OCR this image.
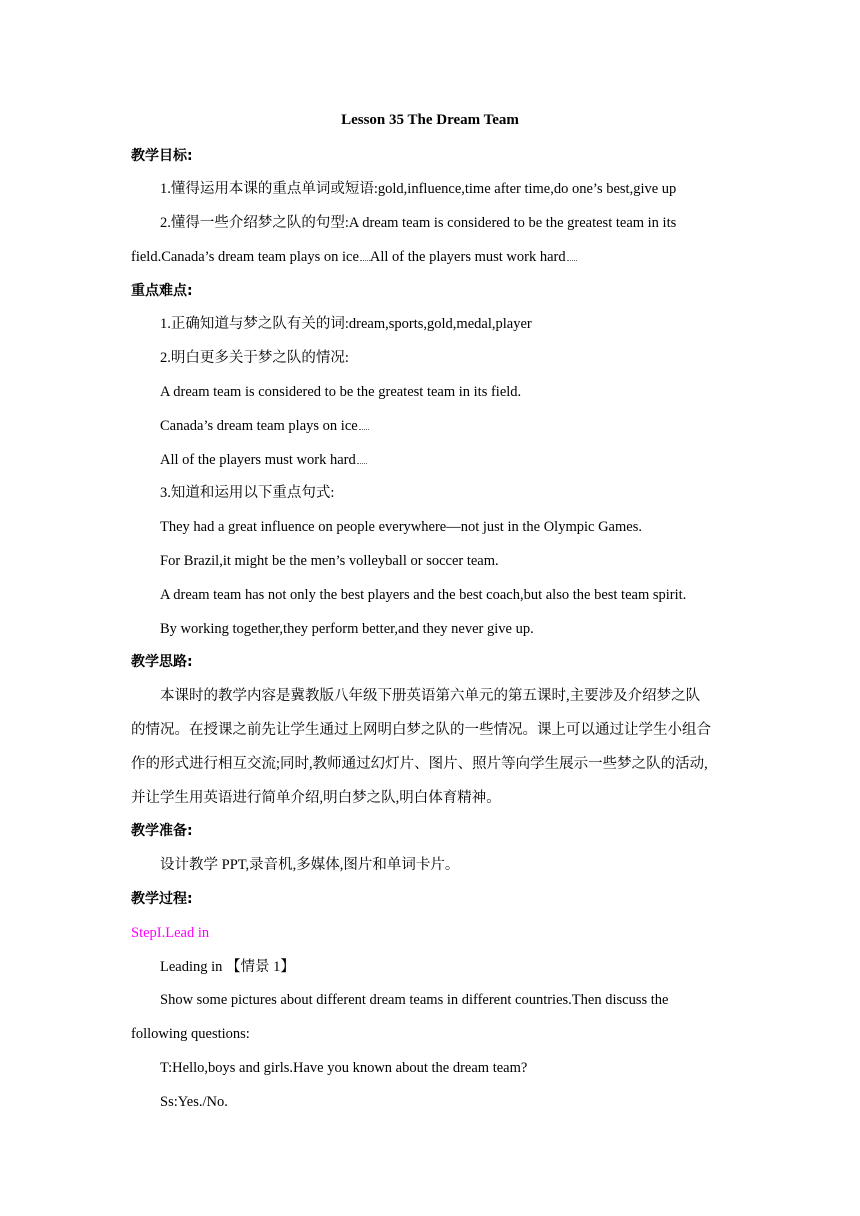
Lesson 35 The Dream Team
教学目标:
1.懂得运用本课的重点单词或短语:gold,influence,time after time,do one’s best,give up
2.懂得一些介绍梦之队的句型:A dream team is considered to be the greatest team in its
field.Canada’s dream team plays on ice All of the players must work hard
重点难点:
1.正确知道与梦之队有关的词:dream,sports,gold,medal,player
2.明白更多关于梦之队的情况:
A dream team is considered to be the greatest team in its field.
Canada’s dream team plays on ice
All of the players must work hard
3.知道和运用以下重点句式:
They had a great influence on people everywhere—not just in the Olympic Games.
For Brazil,it might be the men’s volleyball or soccer team.
A dream team has not only the best players and the best coach,but also the best team spirit.
By working together,they perform better,and they never give up.
教学思路:
本课时的教学内容是冀教版八年级下册英语第六单元的第五课时,主要涉及介绍梦之队
的情况。在授课之前先让学生通过上网明白梦之队的一些情况。课上可以通过让学生小组合
作的形式进行相互交流;同时,教师通过幻灯片、图片、照片等向学生展示一些梦之队的活动,
并让学生用英语进行简单介绍,明白梦之队,明白体育精神。
教学准备:
设计教学 PPT,录音机,多媒体,图片和单词卡片。
教学过程:
StepI.Lead in
Leading in 【情景 1】
Show some pictures about different dream teams in different countries.Then discuss the
following questions:
T:Hello,boys and girls.Have you known about the dream team?
Ss:Yes./No.
